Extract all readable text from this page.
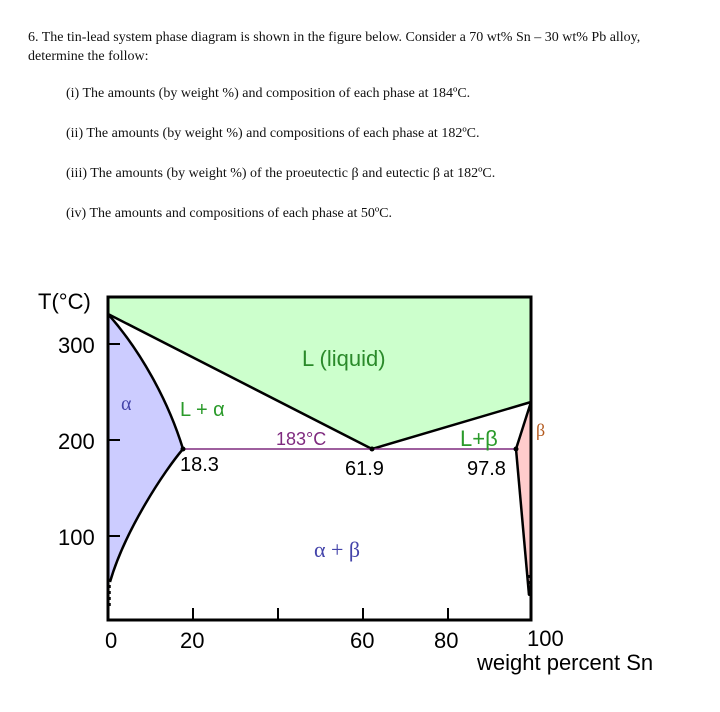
6. The tin-lead system phase diagram is shown in the figure below. Consider a 70 wt% Sn – 30 wt% Pb alloy, determine the follow:

(i) The amounts (by weight %) and composition of each phase at 184ºC.
(ii) The amounts (by weight %) and compositions of each phase at 182ºC.
(iii) The amounts (by weight %) of the proeutectic β and eutectic β at 182ºC.
(iv) The amounts and compositions of each phase at 50ºC.
T(°C)
300
200
100
0	20	60	80	100
weight percent Sn
L (liquid)
α L + α
183°C	L+β β
18.3	61.9	97.8
α + β
